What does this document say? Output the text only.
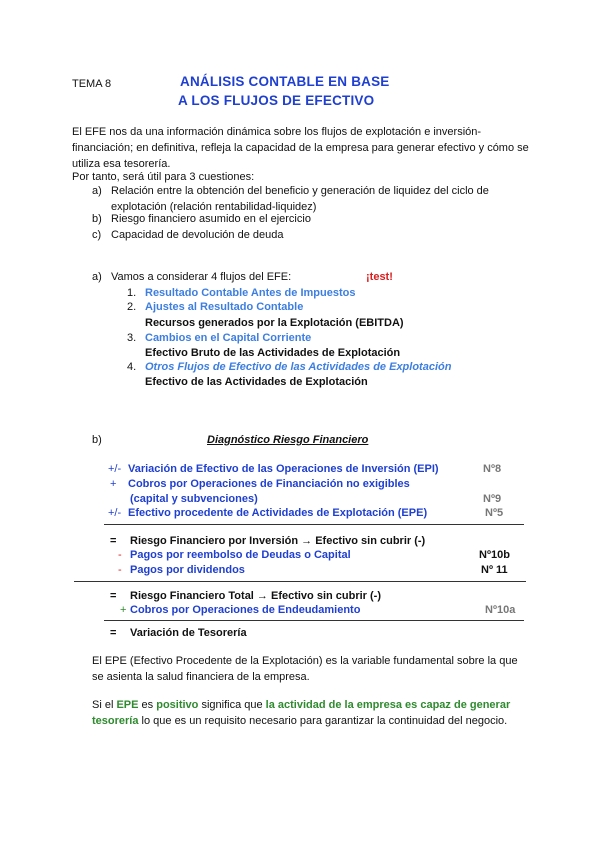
TEMA 8	ANÁLISIS CONTABLE EN BASE
A LOS FLUJOS DE EFECTIVO
El EFE nos da una información dinámica sobre los flujos de explotación e inversión-financiación; en definitiva, refleja la capacidad de la empresa para generar efectivo y cómo se utiliza esa tesorería.
Por tanto, será útil para 3 cuestiones:
a) Relación entre la obtención del beneficio y generación de liquidez del ciclo de explotación (relación rentabilidad-liquidez)
b) Riesgo financiero asumido en el ejercicio
c) Capacidad de devolución de deuda
a) Vamos a considerar 4 flujos del EFE:	¡test!
1. Resultado Contable Antes de Impuestos
2. Ajustes al Resultado Contable
Recursos generados por la Explotación (EBITDA)
3. Cambios en el Capital Corriente
Efectivo Bruto de las Actividades de Explotación
4. Otros Flujos de Efectivo de las Actividades de Explotación
Efectivo de las Actividades de Explotación
b)	Diagnóstico Riesgo Financiero
+/- Variación de Efectivo de las Operaciones de Inversión (EPI)	Nº8
+ Cobros por Operaciones de Financiación no exigibles
(capital y subvenciones)	Nº9
+/- Efectivo procedente de Actividades de Explotación (EPE)	Nº5
= Riesgo Financiero por Inversión → Efectivo sin cubrir (-)
- Pagos por reembolso de Deudas o Capital	Nº10b
- Pagos por dividendos	Nº 11
= Riesgo Financiero Total → Efectivo sin cubrir (-)
+ Cobros por Operaciones de Endeudamiento	Nº10a
= Variación de Tesorería
El EPE (Efectivo Procedente de la Explotación) es la variable fundamental sobre la que se asienta la salud financiera de la empresa.
Si el EPE es positivo significa que la actividad de la empresa es capaz de generar tesorería lo que es un requisito necesario para garantizar la continuidad del negocio.
